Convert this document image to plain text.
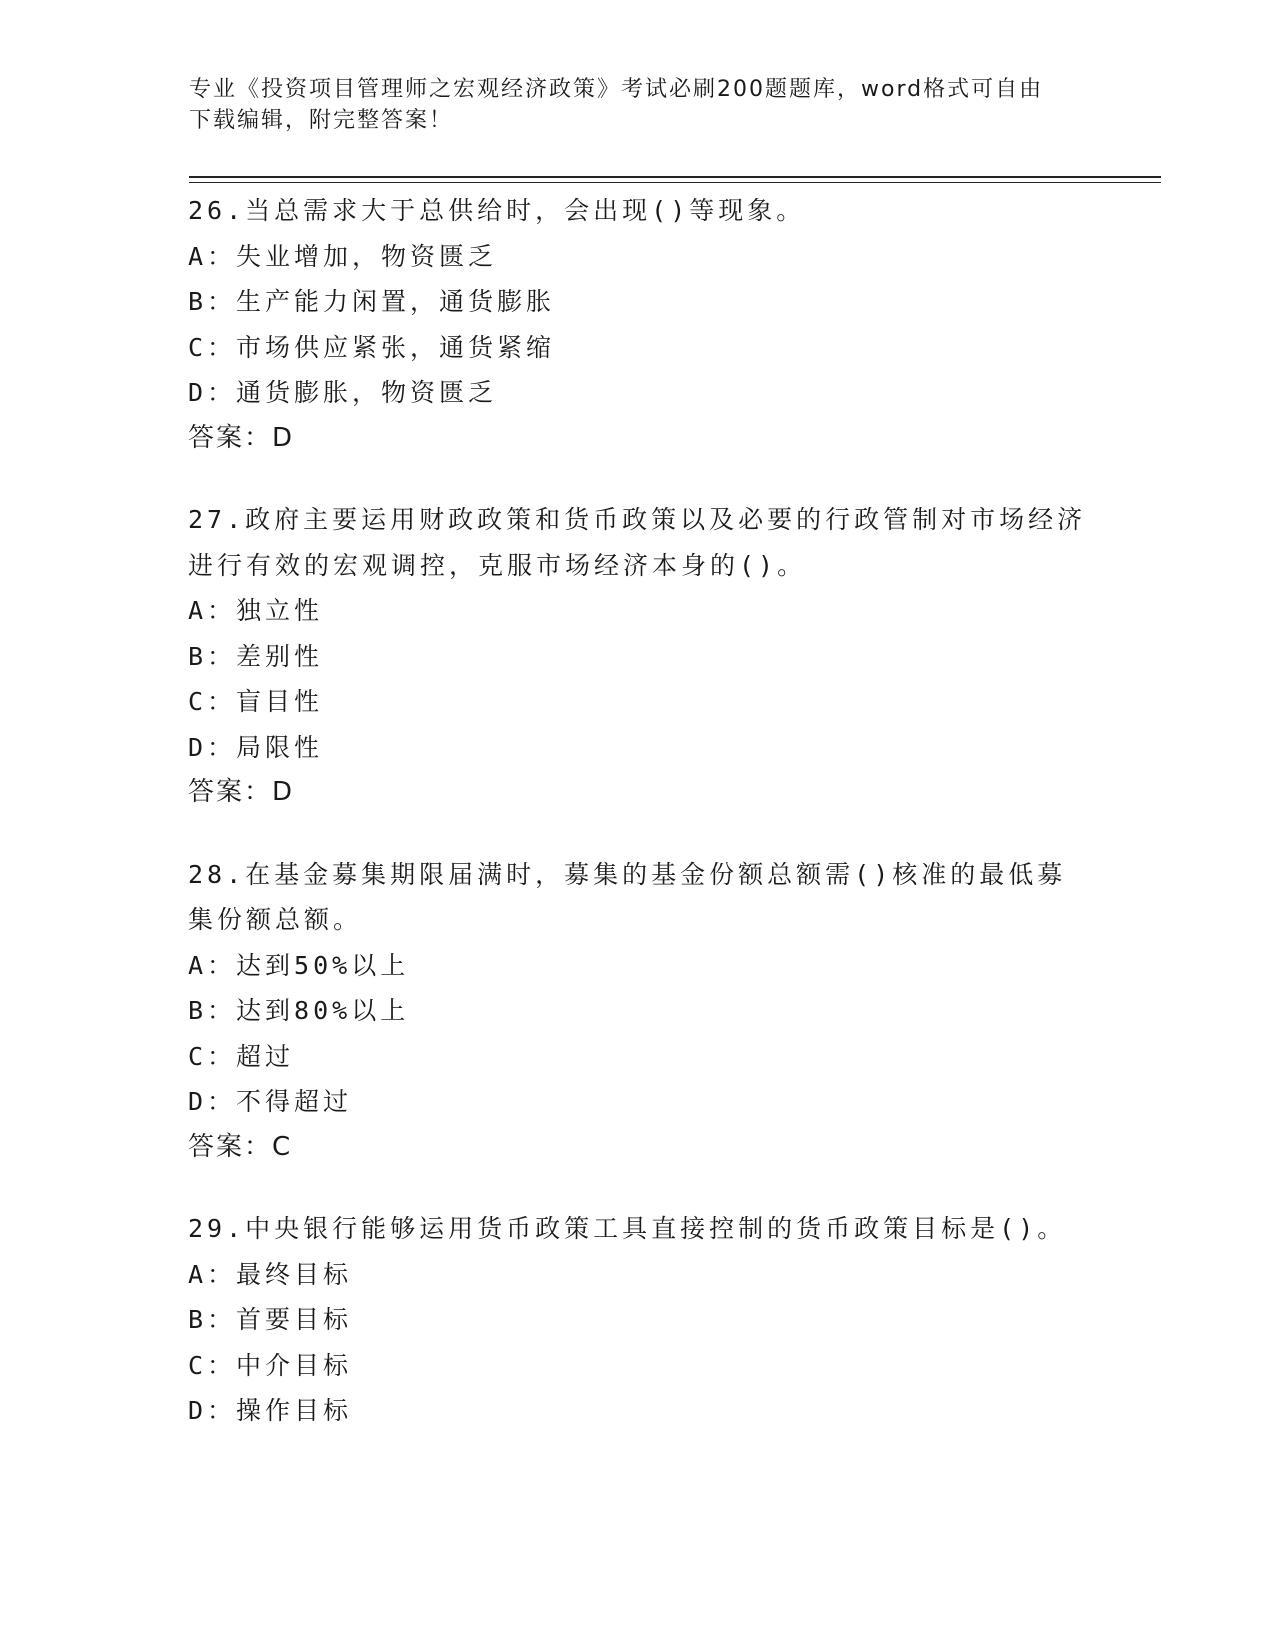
专业《投资项目管理师之宏观经济政策》考试必刷200题题库，word格式可自由

下载编辑，附完整答案！

26.当总需求大于总供给时，会出现()等现象。

A：失业增加，物资匮乏

B：生产能力闲置，通货膨胀

C：市场供应紧张，通货紧缩

D：通货膨胀，物资匮乏

答案：D

27.政府主要运用财政政策和货币政策以及必要的行政管制对市场经济进行有效的宏观调控，克服市场经济本身的()。

A：独立性

B：差别性

C：盲目性

D：局限性

答案：D

28.在基金募集期限届满时，募集的基金份额总额需()核准的最低募集份额总额。

A：达到50%以上

B：达到80%以上

C：超过

D：不得超过

答案：C

29.中央银行能够运用货币政策工具直接控制的货币政策目标是()。

A：最终目标

B：首要目标

C：中介目标

D：操作目标
